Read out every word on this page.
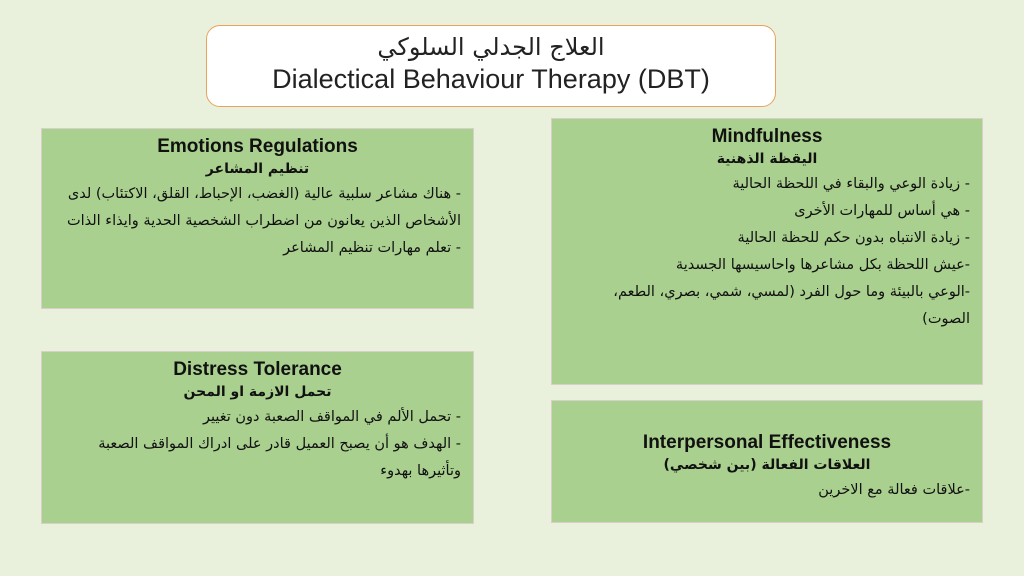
العلاج الجدلي السلوكي
Dialectical Behaviour Therapy (DBT)
Emotions Regulations
تنظيم المشاعر
- هناك مشاعر سلبية عالية (الغضب، الإحباط، القلق، الاكتئاب) لدى الأشخاص الذين يعانون من اضطراب الشخصية الحدية وايذاء الذات
- تعلم مهارات تنظيم المشاعر
Distress Tolerance
تحمل الازمة او المحن
- تحمل الألم في المواقف الصعبة دون تغيير
- الهدف هو أن يصبح العميل قادر على ادراك المواقف الصعبة وتأثيرها بهدوء
Mindfulness
اليقظة الذهنية
- زيادة الوعي والبقاء في اللحظة الحالية
- هي أساس للمهارات الأخرى
- زيادة الانتباه بدون حكم للحظة الحالية
-عيش اللحظة بكل مشاعرها واحاسيسها الجسدية
-الوعي بالبيئة وما حول الفرد (لمسي، شمي، بصري، الطعم، الصوت)
Interpersonal Effectiveness
العلاقات الفعالة (بين شخصي)
-علاقات فعالة مع الاخرين
